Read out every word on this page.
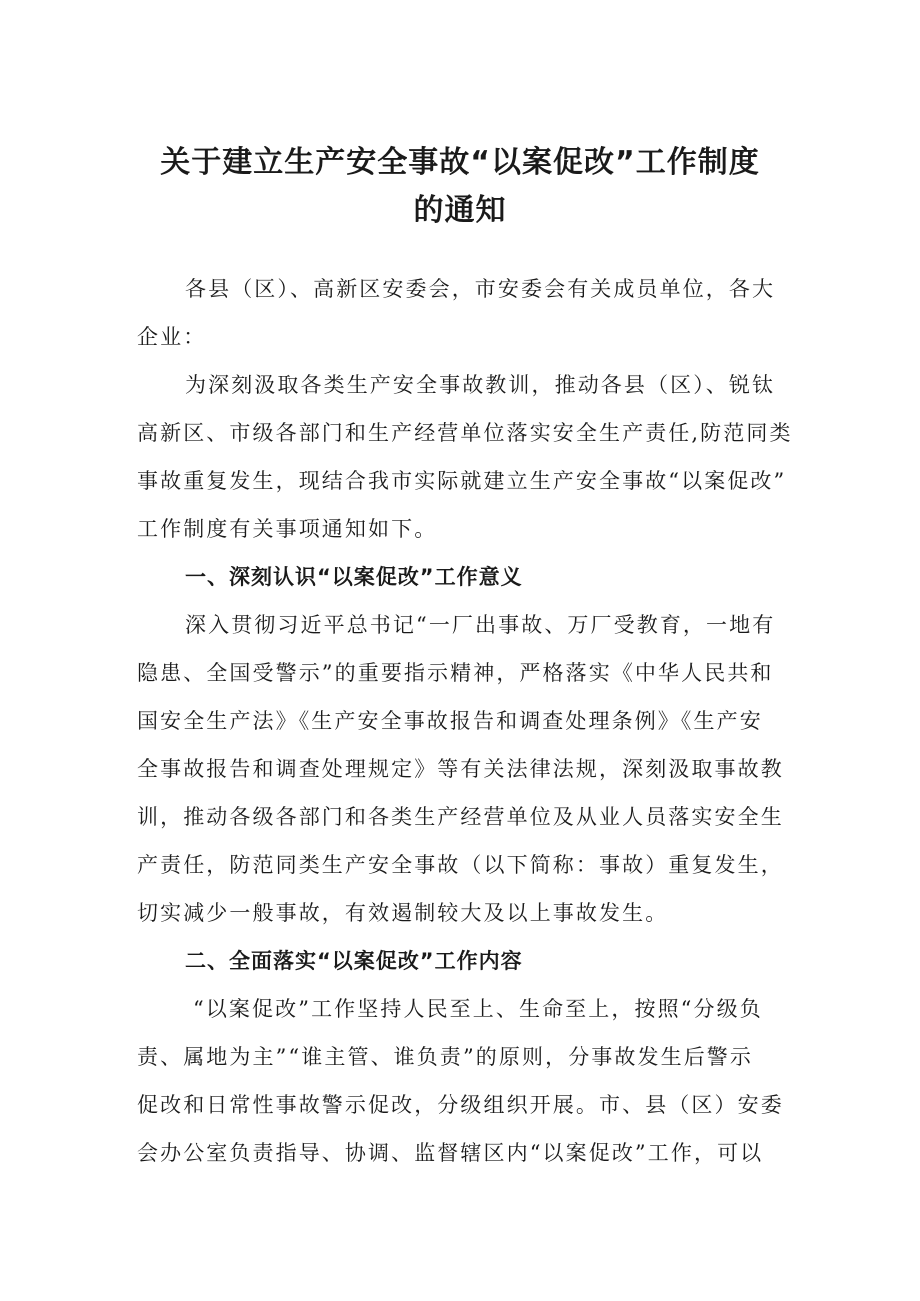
关于建立生产安全事故“以案促改”工作制度
的通知

各县（区）、高新区安委会，市安委会有关成员单位，各大

企业：

为深刻汲取各类生产安全事故教训，推动各县（区）、锐钛

高新区、市级各部门和生产经营单位落实安全生产责任,防范同类

事故重复发生，现结合我市实际就建立生产安全事故“以案促改”

工作制度有关事项通知如下。

一、深刻认识“以案促改”工作意义

深入贯彻习近平总书记“一厂出事故、万厂受教育，一地有

隐患、全国受警示”的重要指示精神，严格落实《中华人民共和

国安全生产法》《生产安全事故报告和调查处理条例》《生产安

全事故报告和调查处理规定》等有关法律法规，深刻汲取事故教

训，推动各级各部门和各类生产经营单位及从业人员落实安全生

产责任，防范同类生产安全事故（以下简称：事故）重复发生，

切实减少一般事故，有效遏制较大及以上事故发生。

二、全面落实“以案促改”工作内容

“以案促改”工作坚持人民至上、生命至上，按照“分级负

责、属地为主”“谁主管、谁负责”的原则，分事故发生后警示

促改和日常性事故警示促改，分级组织开展。市、县（区）安委

会办公室负责指导、协调、监督辖区内“以案促改”工作，可以
